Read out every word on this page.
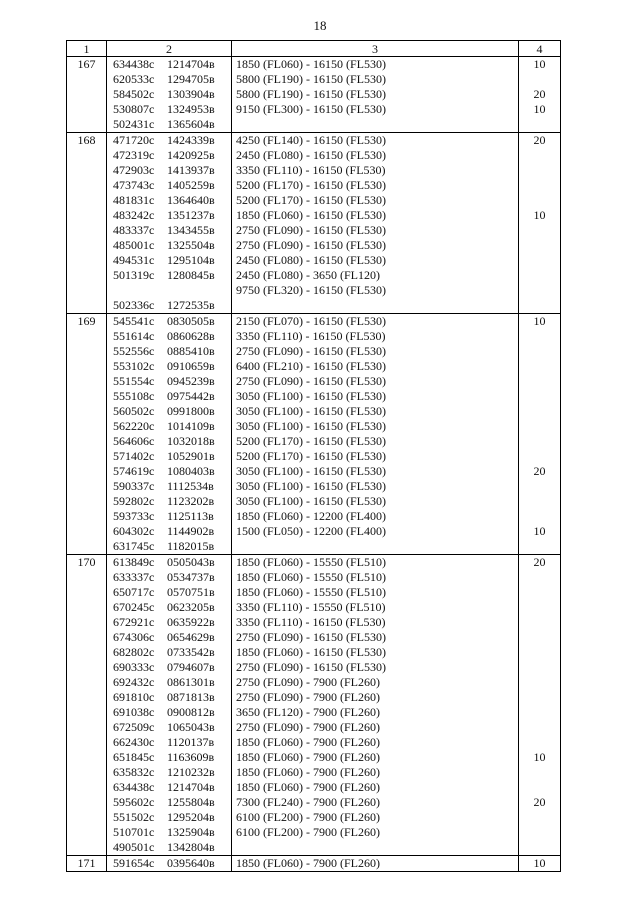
18
1	2	3	4
167	634438с 1214704в	1850 (FL060) - 16150 (FL530)	10
	620533с 1294705в	5800 (FL190) - 16150 (FL530)	
	584502с 1303904в	5800 (FL190) - 16150 (FL530)	20
	530807с 1324953в	9150 (FL300) - 16150 (FL530)	10
	502431с 1365604в		
168	471720с 1424339в	4250 (FL140) - 16150 (FL530)	20
	472319с 1420925в	2450 (FL080) - 16150 (FL530)	
	472903с 1413937в	3350 (FL110) - 16150 (FL530)	
	473743с 1405259в	5200 (FL170) - 16150 (FL530)	
	481831с 1364640в	5200 (FL170) - 16150 (FL530)	
	483242с 1351237в	1850 (FL060) - 16150 (FL530)	10
	483337с 1343455в	2750 (FL090) - 16150 (FL530)	
	485001с 1325504в	2750 (FL090) - 16150 (FL530)	
	494531с 1295104в	2450 (FL080) - 16150 (FL530)	
	501319с 1280845в	2450 (FL080) - 3650 (FL120)	
		9750 (FL320) - 16150 (FL530)	
	502336с 1272535в		
169	545541с 0830505в	2150 (FL070) - 16150 (FL530)	10
	551614с 0860628в	3350 (FL110) - 16150 (FL530)	
	552556с 0885410в	2750 (FL090) - 16150 (FL530)	
	553102с 0910659в	6400 (FL210) - 16150 (FL530)	
	551554с 0945239в	2750 (FL090) - 16150 (FL530)	
	555108с 0975442в	3050 (FL100) - 16150 (FL530)	
	560502с 0991800в	3050 (FL100) - 16150 (FL530)	
	562220с 1014109в	3050 (FL100) - 16150 (FL530)	
	564606с 1032018в	5200 (FL170) - 16150 (FL530)	
	571402с 1052901в	5200 (FL170) - 16150 (FL530)	
	574619с 1080403в	3050 (FL100) - 16150 (FL530)	20
	590337с 1112534в	3050 (FL100) - 16150 (FL530)	
	592802с 1123202в	3050 (FL100) - 16150 (FL530)	
	593733с 1125113в	1850 (FL060) - 12200 (FL400)	
	604302с 1144902в	1500 (FL050) - 12200 (FL400)	10
	631745с 1182015в		
170	613849с 0505043в	1850 (FL060) - 15550 (FL510)	20
	633337с 0534737в	1850 (FL060) - 15550 (FL510)	
	650717с 0570751в	1850 (FL060) - 15550 (FL510)	
	670245с 0623205в	3350 (FL110) - 15550 (FL510)	
	672921с 0635922в	3350 (FL110) - 16150 (FL530)	
	674306с 0654629в	2750 (FL090) - 16150 (FL530)	
	682802с 0733542в	1850 (FL060) - 16150 (FL530)	
	690333с 0794607в	2750 (FL090) - 16150 (FL530)	
	692432с 0861301в	2750 (FL090) - 7900 (FL260)	
	691810с 0871813в	2750 (FL090) - 7900 (FL260)	
	691038с 0900812в	3650 (FL120) - 7900 (FL260)	
	672509с 1065043в	2750 (FL090) - 7900 (FL260)	
	662430с 1120137в	1850 (FL060) - 7900 (FL260)	
	651845с 1163609в	1850 (FL060) - 7900 (FL260)	10
	635832с 1210232в	1850 (FL060) - 7900 (FL260)	
	634438с 1214704в	1850 (FL060) - 7900 (FL260)	
	595602с 1255804в	7300 (FL240) - 7900 (FL260)	20
	551502с 1295204в	6100 (FL200) - 7900 (FL260)	
	510701с 1325904в	6100 (FL200) - 7900 (FL260)	
	490501с 1342804в		
171	591654с 0395640в	1850 (FL060) - 7900 (FL260)	10
